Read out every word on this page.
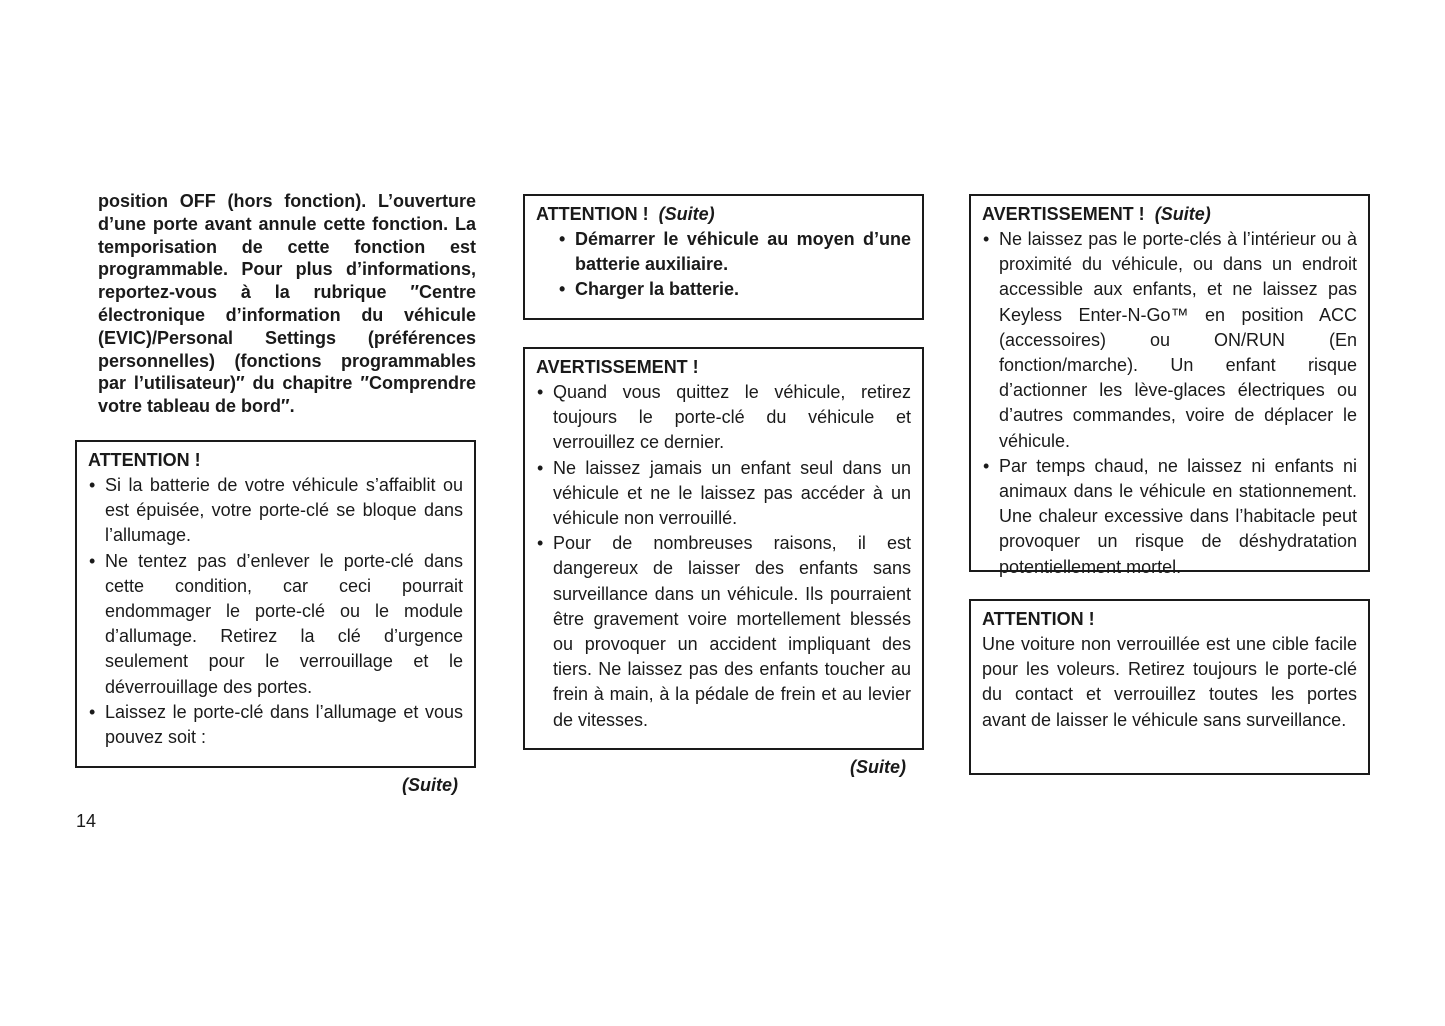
position OFF (hors fonction). L’ouverture d’une porte avant annule cette fonction. La temporisation de cette fonction est programmable. Pour plus d’informations, reportez-vous à la rubrique ″Centre électronique d’information du véhicule (EVIC)/Personal Settings (préférences personnelles) (fonctions programmables par l’utilisateur)″ du chapitre ″Comprendre votre tableau de bord″.

ATTENTION !
• Si la batterie de votre véhicule s’affaiblit ou est épuisée, votre porte-clé se bloque dans l’allumage.
• Ne tentez pas d’enlever le porte-clé dans cette condition, car ceci pourrait endommager le porte-clé ou le module d’allumage. Retirez la clé d’urgence seulement pour le verrouillage et le déverrouillage des portes.
• Laissez le porte-clé dans l’allumage et vous pouvez soit :
(Suite)
14
ATTENTION ! (Suite)
• Démarrer le véhicule au moyen d’une batterie auxiliaire.
• Charger la batterie.
AVERTISSEMENT !
• Quand vous quittez le véhicule, retirez toujours le porte-clé du véhicule et verrouillez ce dernier.
• Ne laissez jamais un enfant seul dans un véhicule et ne le laissez pas accéder à un véhicule non verrouillé.
• Pour de nombreuses raisons, il est dangereux de laisser des enfants sans surveillance dans un véhicule. Ils pourraient être gravement voire mortellement blessés ou provoquer un accident impliquant des tiers. Ne laissez pas des enfants toucher au frein à main, à la pédale de frein et au levier de vitesses.
(Suite)
AVERTISSEMENT ! (Suite)
• Ne laissez pas le porte-clés à l’intérieur ou à proximité du véhicule, ou dans un endroit accessible aux enfants, et ne laissez pas Keyless Enter-N-Go™ en position ACC (accessoires) ou ON/RUN (En fonction/marche). Un enfant risque d’actionner les lève-glaces électriques ou d’autres commandes, voire de déplacer le véhicule.
• Par temps chaud, ne laissez ni enfants ni animaux dans le véhicule en stationnement. Une chaleur excessive dans l’habitacle peut provoquer un risque de déshydratation potentiellement mortel.
ATTENTION !

Une voiture non verrouillée est une cible facile pour les voleurs. Retirez toujours le porte-clé du contact et verrouillez toutes les portes avant de laisser le véhicule sans surveillance.
